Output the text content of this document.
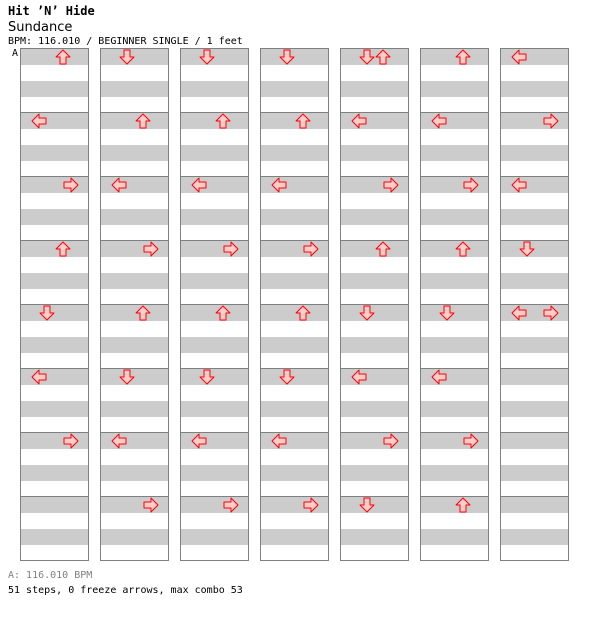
Hit ’N’ Hide
Sundance
BPM: 116.010 / BEGINNER SINGLE / 1 feet
A
A: 116.010 BPM
51 steps, 0 freeze arrows, max combo 53
